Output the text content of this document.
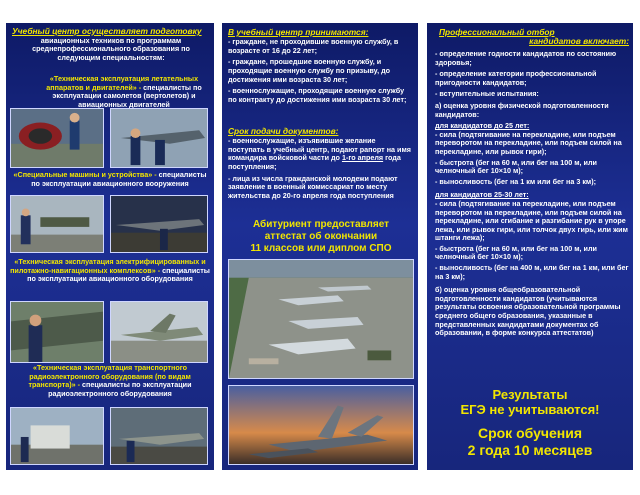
Учебный центр осуществляет подготовку

авиационных техников по программам среднепрофессионального образования по следующим специальностям:
«Техническая эксплуатация летательных аппаратов и двигателей» - специалисты по эксплуатации самолетов (вертолетов) и авиационных двигателей
«Специальные машины и устройства» - специалисты по эксплуатации авиационного вооружения
«Техническая эксплуатация электрифицированных и пилотажно-навигационных комплексов» - специалисты по эксплуатации авиационного оборудования
«Техническая эксплуатация транспортного радиоэлектронного оборудования (по видам транспорта)» - специалисты по эксплуатации радиоэлектронного оборудования
В учебный центр принимаются:
- граждане, не проходившие военную службу, в возрасте от 16 до 22 лет;
- граждане, прошедшие военную службу, и проходящие военную службу по призыву, до достижения ими возраста 30 лет;
- военнослужащие, проходящие военную службу по контракту до достижения ими возраста 30 лет;
Срок подачи документов:
- военнослужащие, изъявившие желание поступать в учебный центр, подают рапорт на имя командира войсковой части до 1-го апреля года поступления;
- лица из числа гражданской молодежи подают заявление в военный комиссариат по месту жительства до 20-го апреля года поступления
Абитуриент предоставляет
аттестат об окончании
11 классов или диплом СПО
Профессиональный отбор
кандидатов включает:
- определение годности кандидатов по состоянию здоровья;
- определение категории профессиональной пригодности кандидатов;
- вступительные испытания:
а) оценка уровня физической подготовленности кандидатов:
для кандидатов до 25 лет:
- сила (подтягивание на перекладине, или подъем переворотом на перекладине, или подъем силой на перекладине, или рывок гири);
- быстрота (бег на 60 м, или бег на 100 м, или челночный бег 10×10 м);
- выносливость (бег на 1 км или бег на 3 км);
для кандидатов 25-30 лет:
- сила (подтягивание на перекладине, или подъем переворотом на перекладине, или подъем силой на перекладине, или сгибание и разгибание рук в упоре лежа, или рывок гири, или толчок двух гирь, или жим штанги лежа);
- быстрота (бег на 60 м, или бег на 100 м, или челночный бег 10×10 м);
- выносливость (бег на 400 м, или бег на 1 км, или бег на 3 км);
б) оценка уровня общеобразовательной подготовленности кандидатов (учитываются результаты освоения образовательной программы среднего общего образования, указанные в представленных кандидатами документах об образовании, в форме конкурса аттестатов)
Результаты
ЕГЭ не учитываются!
Срок обучения
2 года 10 месяцев
